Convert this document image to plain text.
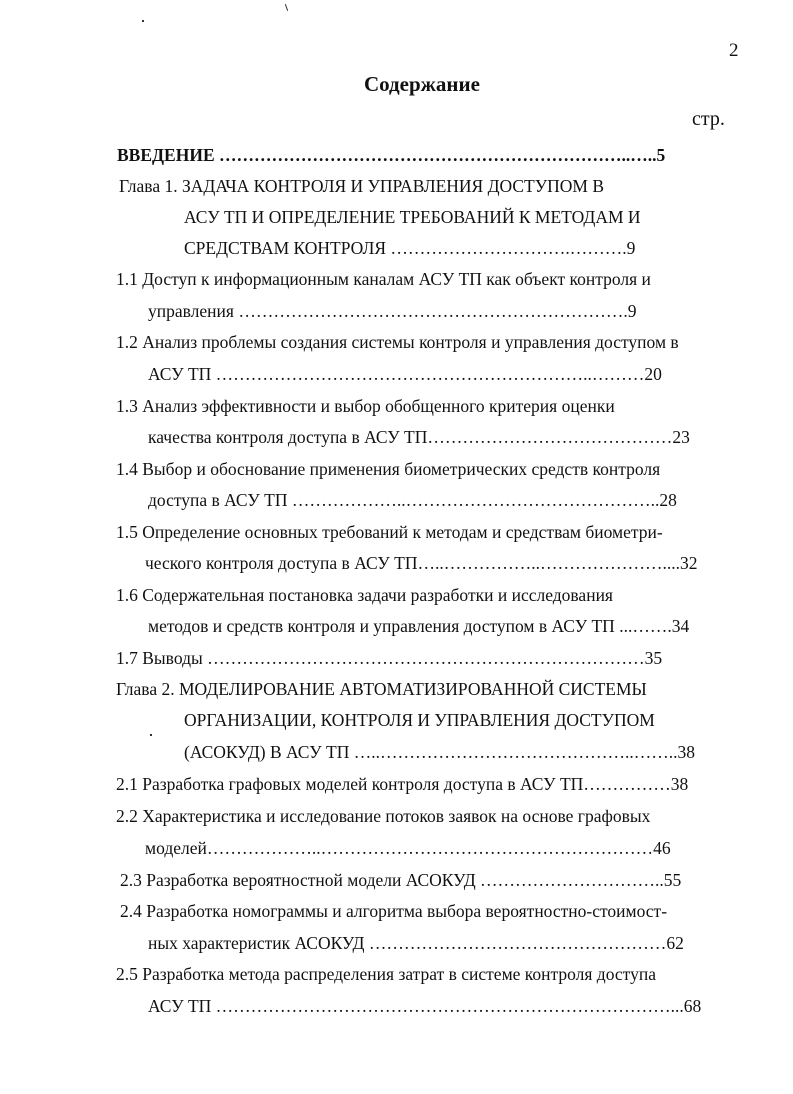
2
Содержание
стр.
ВВЕДЕНИЕ ……………………………………………………………..…..5
Глава 1. ЗАДАЧА КОНТРОЛЯ И УПРАВЛЕНИЯ ДОСТУПОМ В
АСУ ТП И ОПРЕДЕЛЕНИЕ ТРЕБОВАНИЙ К МЕТОДАМ И
СРЕДСТВАМ КОНТРОЛЯ ………………………….……….9
1.1 Доступ к информационным каналам АСУ ТП как объект контроля и
управления ………………………………………………………….9
1.2 Анализ проблемы создания системы контроля и управления доступом в
АСУ ТП ………………………………………………………..………20
1.3 Анализ эффективности и выбор обобщенного критерия оценки
качества контроля доступа в АСУ ТП……………………………………23
1.4 Выбор и обоснование применения биометрических средств контроля
доступа в АСУ ТП ………………..……………………………………..28
1.5 Определение основных требований к методам и средствам биометри-
ческого контроля доступа в АСУ ТП…..……………..…………………....32
1.6 Содержательная постановка задачи разработки и исследования
методов и средств контроля и управления доступом в АСУ ТП ...…….34
1.7 Выводы …………………………………………………………………35
Глава 2. МОДЕЛИРОВАНИЕ АВТОМАТИЗИРОВАННОЙ СИСТЕМЫ
ОРГАНИЗАЦИИ, КОНТРОЛЯ И УПРАВЛЕНИЯ ДОСТУПОМ
(АСОКУД) В АСУ ТП …..……………………………………..……..38
2.1 Разработка графовых моделей контроля доступа в АСУ ТП……………38
2.2 Характеристика и исследование потоков заявок на основе графовых
моделей………………..…………………………………………………46
2.3 Разработка вероятностной модели АСОКУД …………………………..55
2.4 Разработка номограммы и алгоритма выбора вероятностно-стоимост-
ных характеристик АСОКУД ……………………………………………62
2.5 Разработка метода распределения затрат в системе контроля доступа
АСУ ТП ……………………………………………………………………...68
